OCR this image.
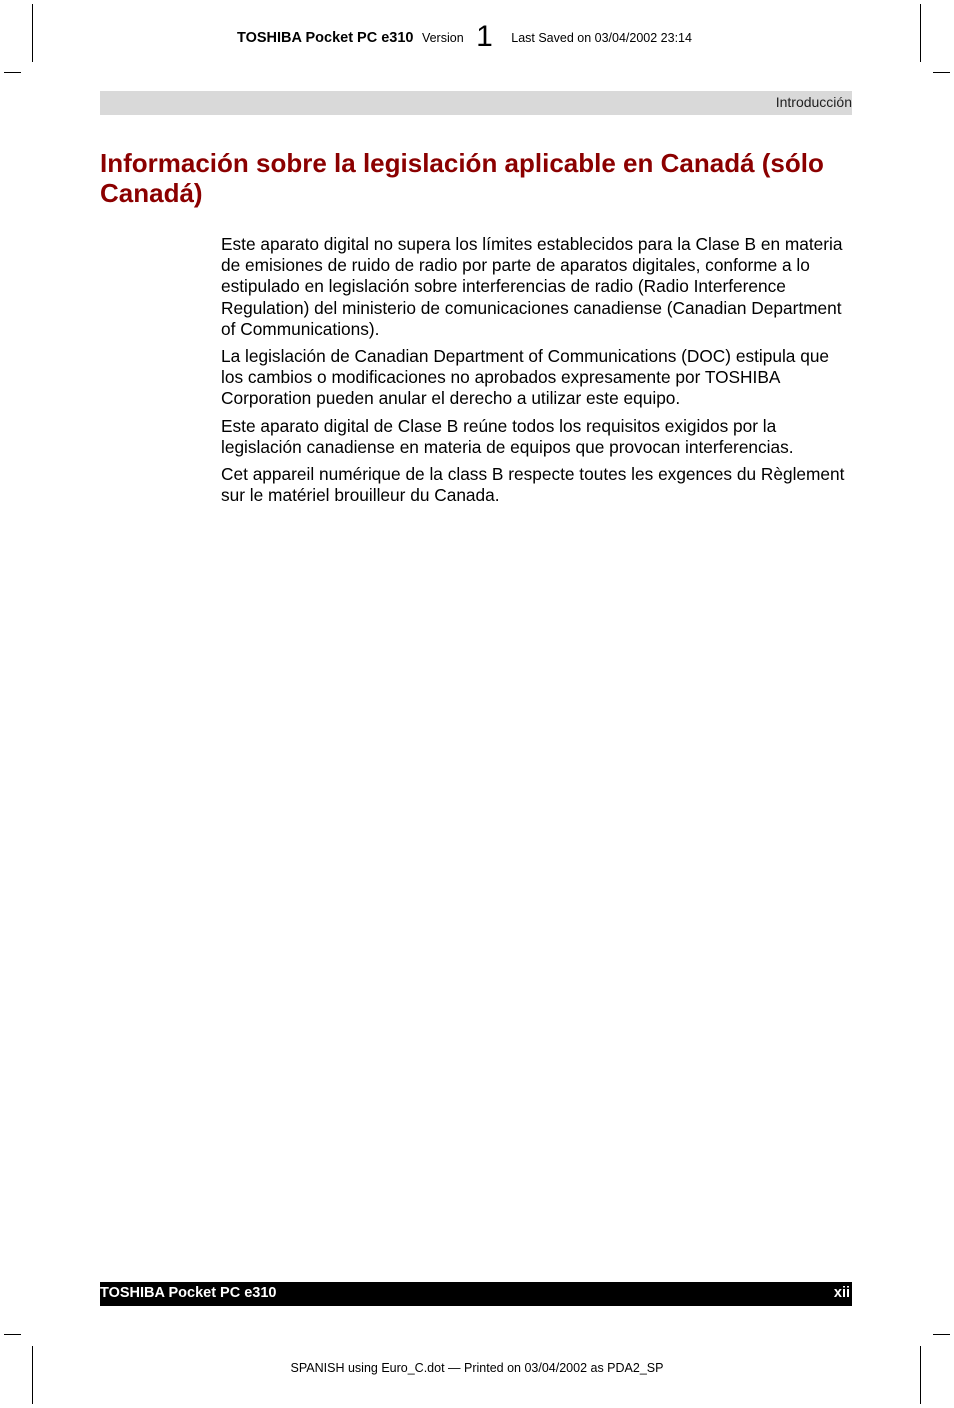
TOSHIBA Pocket PC e310 Version 1 Last Saved on 03/04/2002 23:14
Introducción
Información sobre la legislación aplicable en Canadá (sólo Canadá)

Este aparato digital no supera los límites establecidos para la Clase B en materia de emisiones de ruido de radio por parte de aparatos digitales, conforme a lo estipulado en legislación sobre interferencias de radio (Radio Interference Regulation) del ministerio de comunicaciones canadiense (Canadian Department of Communications).

La legislación de Canadian Department of Communications (DOC) estipula que los cambios o modificaciones no aprobados expresamente por TOSHIBA Corporation pueden anular el derecho a utilizar este equipo.

Este aparato digital de Clase B reúne todos los requisitos exigidos por la legislación canadiense en materia de equipos que provocan interferencias.

Cet appareil numérique de la class B respecte toutes les exgences du Règlement sur le matériel brouilleur du Canada.

TOSHIBA Pocket PC e310	xii
SPANISH using Euro_C.dot — Printed on 03/04/2002 as PDA2_SP
